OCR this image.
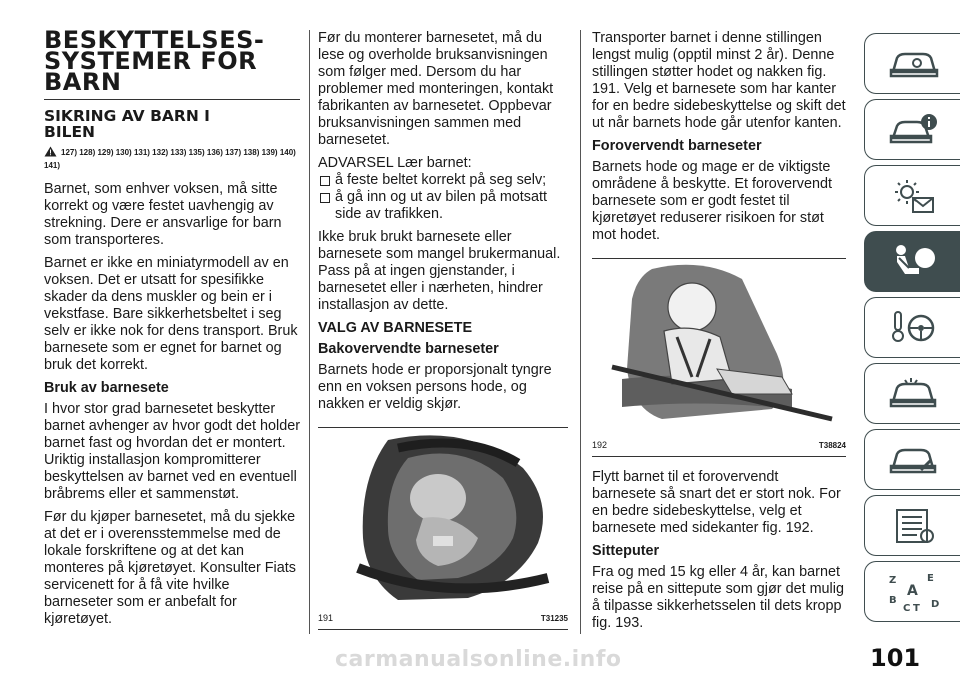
BESKYTTELSES-
SYSTEMER FOR
BARN
SIKRING AV BARN I
BILEN
127) 128) 129) 130) 131) 132) 133) 135) 136) 137) 138) 139) 140) 141)

Barnet, som enhver voksen, må sitte korrekt og være festet uavhengig av strekning. Dere er ansvarlige for barn som transporteres.

Barnet er ikke en miniatyrmodell av en voksen. Det er utsatt for spesifikke skader da dens muskler og bein er i vekstfase. Bare sikkerhetsbeltet i seg selv er ikke nok for dens transport. Bruk barnesete som er egnet for barnet og bruk det korrekt.

Bruk av barnesete

I hvor stor grad barnesetet beskytter barnet avhenger av hvor godt det holder barnet fast og hvordan det er montert. Uriktig installasjon kompromitterer beskyttelsen av barnet ved en eventuell bråbrems eller et sammenstøt.

Før du kjøper barnesetet, må du sjekke at det er i overensstemmelse med de lokale forskriftene og at det kan monteres på kjøretøyet. Konsulter Fiats servicenett for å få vite hvilke barneseter som er anbefalt for kjøretøyet.

Før du monterer barnesetet, må du lese og overholde bruksanvisningen som følger med. Dersom du har problemer med monteringen, kontakt fabrikanten av barnesetet. Oppbevar bruksanvisningen sammen med barnesetet.

ADVARSEL Lær barnet:

å feste beltet korrekt på seg selv;
å gå inn og ut av bilen på motsatt side av trafikken.

Ikke bruk brukt barnesete eller barnesete som mangel brukermanual. Pass på at ingen gjenstander, i barnesetet eller i nærheten, hindrer installasjon av dette.

VALG AV BARNESETE
Bakovervendte barneseter

Barnets hode er proporsjonalt tyngre enn en voksen persons hode, og nakken er veldig skjør.

191	T31235

Transporter barnet i denne stillingen lengst mulig (opptil minst 2 år). Denne stillingen støtter hodet og nakken fig. 191. Velg et barnesete som har kanter for en bedre sidebeskyttelse og skift det ut når barnets hode går utenfor kanten.

Forovervendt barneseter

Barnets hode og mage er de viktigste områdene å beskytte. Et forovervendt barnesete som er godt festet til kjøretøyet reduserer risikoen for støt mot hodet.

192	T38824

Flytt barnet til et forovervendt barnesete så snart det er stort nok. For en bedre sidebeskyttelse, velg et barnesete med sidekanter fig. 192.

Sitteputer

Fra og med 15 kg eller 4 år, kan barnet reise på en sittepute som gjør det mulig å tilpasse sikkerhetsselen til dets kropp fig. 193.

Z	E
A
B
C T D
carmanualsonline.info	101
